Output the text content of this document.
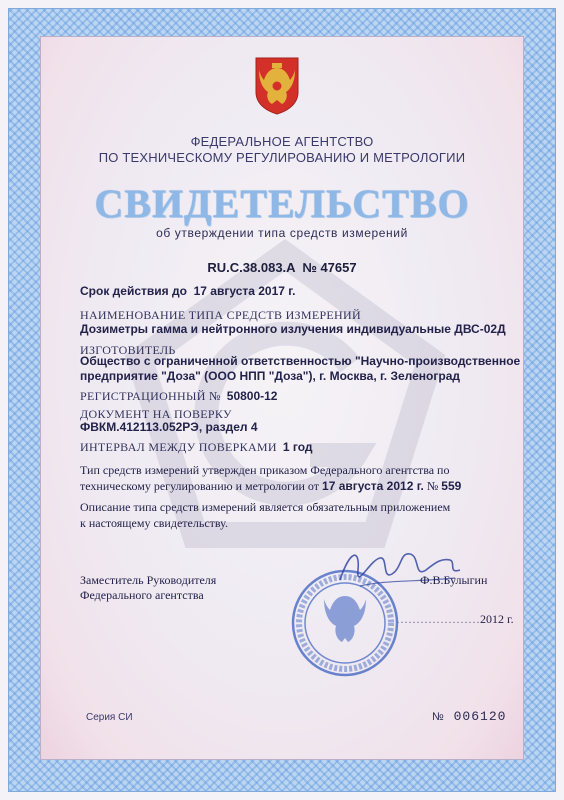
ФЕДЕРАЛЬНОЕ АГЕНТСТВО
ПО ТЕХНИЧЕСКОМУ РЕГУЛИРОВАНИЮ И МЕТРОЛОГИИ
СВИДЕТЕЛЬСТВО
об утверждении типа средств измерений
RU.C.38.083.A № 47657
Срок действия до 17 августа 2017 г.
НАИМЕНОВАНИЕ ТИПА СРЕДСТВ ИЗМЕРЕНИЙ
Дозиметры гамма и нейтронного излучения индивидуальные ДВС-02Д
ИЗГОТОВИТЕЛЬ
Общество с ограниченной ответственностью "Научно-производственное
предприятие "Доза" (ООО НПП "Доза"), г. Москва, г. Зеленоград
РЕГИСТРАЦИОННЫЙ № 50800-12
ДОКУМЕНТ НА ПОВЕРКУ
ФВКМ.412113.052РЭ, раздел 4
ИНТЕРВАЛ МЕЖДУ ПОВЕРКАМИ 1 год
Тип средств измерений утвержден приказом Федерального агентства по
техническому регулированию и метрологии от 17 августа 2012 г. № 559
Описание типа средств измерений является обязательным приложением
к настоящему свидетельству.
Заместитель Руководителя
Федерального агентства
Ф.В.Булыгин
…………………2012 г.
Серия СИ	№ 006120
